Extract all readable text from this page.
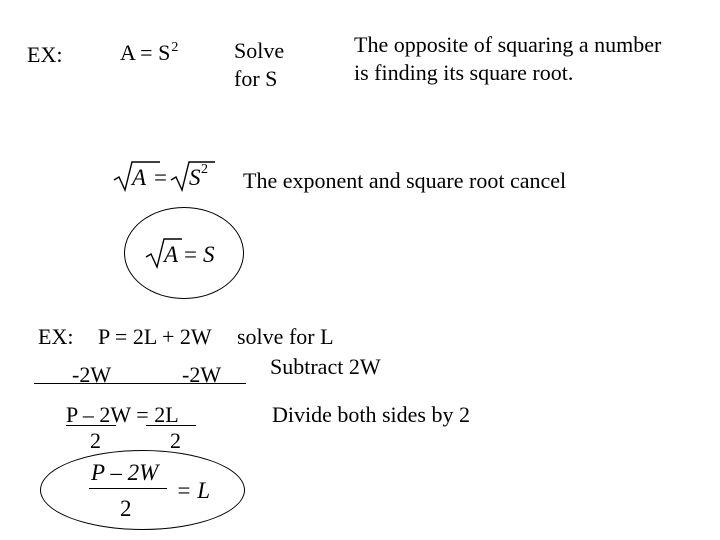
EX:	$A = S^2$	Solve
for S
The opposite of squaring a number
is finding its square root.
A = S 2 The exponent and square root cancel
A = S
EX: P = 2L + 2W solve for L
Subtract 2W
-2W	-2W
P – 2W = 2L
2	2
Divide both sides by 2
P – 2W
2
= L
